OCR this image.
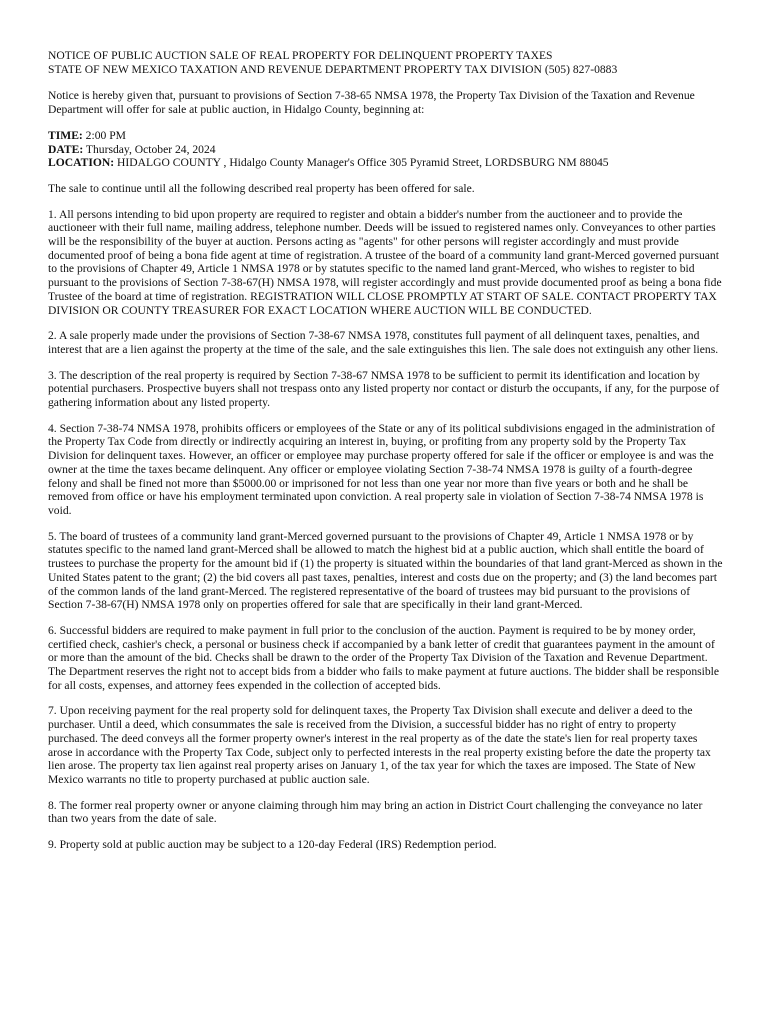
NOTICE OF PUBLIC AUCTION SALE OF REAL PROPERTY FOR DELINQUENT PROPERTY TAXES
STATE OF NEW MEXICO TAXATION AND REVENUE DEPARTMENT PROPERTY TAX DIVISION (505) 827-0883

Notice is hereby given that, pursuant to provisions of Section 7-38-65 NMSA 1978, the Property Tax Division of the Taxation and Revenue Department will offer for sale at public auction, in Hidalgo County, beginning at:

TIME: 2:00 PM
DATE: Thursday, October 24, 2024
LOCATION: HIDALGO COUNTY , Hidalgo County Manager's Office 305 Pyramid Street, LORDSBURG NM 88045

The sale to continue until all the following described real property has been offered for sale.

1. All persons intending to bid upon property are required to register and obtain a bidder's number from the auctioneer and to provide the auctioneer with their full name, mailing address, telephone number. Deeds will be issued to registered names only. Conveyances to other parties will be the responsibility of the buyer at auction. Persons acting as "agents" for other persons will register accordingly and must provide documented proof of being a bona fide agent at time of registration. A trustee of the board of a community land grant-Merced governed pursuant to the provisions of Chapter 49, Article 1 NMSA 1978 or by statutes specific to the named land grant-Merced, who wishes to register to bid pursuant to the provisions of Section 7-38-67(H) NMSA 1978, will register accordingly and must provide documented proof as being a bona fide Trustee of the board at time of registration. REGISTRATION WILL CLOSE PROMPTLY AT START OF SALE. CONTACT PROPERTY TAX DIVISION OR COUNTY TREASURER FOR EXACT LOCATION WHERE AUCTION WILL BE CONDUCTED.

2. A sale properly made under the provisions of Section 7-38-67 NMSA 1978, constitutes full payment of all delinquent taxes, penalties, and interest that are a lien against the property at the time of the sale, and the sale extinguishes this lien. The sale does not extinguish any other liens.

3. The description of the real property is required by Section 7-38-67 NMSA 1978 to be sufficient to permit its identification and location by potential purchasers. Prospective buyers shall not trespass onto any listed property nor contact or disturb the occupants, if any, for the purpose of gathering information about any listed property.

4. Section 7-38-74 NMSA 1978, prohibits officers or employees of the State or any of its political subdivisions engaged in the administration of the Property Tax Code from directly or indirectly acquiring an interest in, buying, or profiting from any property sold by the Property Tax Division for delinquent taxes. However, an officer or employee may purchase property offered for sale if the officer or employee is and was the owner at the time the taxes became delinquent. Any officer or employee violating Section 7-38-74 NMSA 1978 is guilty of a fourth-degree felony and shall be fined not more than $5000.00 or imprisoned for not less than one year nor more than five years or both and he shall be removed from office or have his employment terminated upon conviction. A real property sale in violation of Section 7-38-74 NMSA 1978 is void.

5. The board of trustees of a community land grant-Merced governed pursuant to the provisions of Chapter 49, Article 1 NMSA 1978 or by statutes specific to the named land grant-Merced shall be allowed to match the highest bid at a public auction, which shall entitle the board of trustees to purchase the property for the amount bid if (1) the property is situated within the boundaries of that land grant-Merced as shown in the United States patent to the grant; (2) the bid covers all past taxes, penalties, interest and costs due on the property; and (3) the land becomes part of the common lands of the land grant-Merced. The registered representative of the board of trustees may bid pursuant to the provisions of Section 7-38-67(H) NMSA 1978 only on properties offered for sale that are specifically in their land grant-Merced.

6. Successful bidders are required to make payment in full prior to the conclusion of the auction. Payment is required to be by money order, certified check, cashier's check, a personal or business check if accompanied by a bank letter of credit that guarantees payment in the amount of or more than the amount of the bid. Checks shall be drawn to the order of the Property Tax Division of the Taxation and Revenue Department. The Department reserves the right not to accept bids from a bidder who fails to make payment at future auctions. The bidder shall be responsible for all costs, expenses, and attorney fees expended in the collection of accepted bids.

7. Upon receiving payment for the real property sold for delinquent taxes, the Property Tax Division shall execute and deliver a deed to the purchaser. Until a deed, which consummates the sale is received from the Division, a successful bidder has no right of entry to property purchased. The deed conveys all the former property owner's interest in the real property as of the date the state's lien for real property taxes arose in accordance with the Property Tax Code, subject only to perfected interests in the real property existing before the date the property tax lien arose. The property tax lien against real property arises on January 1, of the tax year for which the taxes are imposed. The State of New Mexico warrants no title to property purchased at public auction sale.

8. The former real property owner or anyone claiming through him may bring an action in District Court challenging the conveyance no later than two years from the date of sale.

9. Property sold at public auction may be subject to a 120-day Federal (IRS) Redemption period.
